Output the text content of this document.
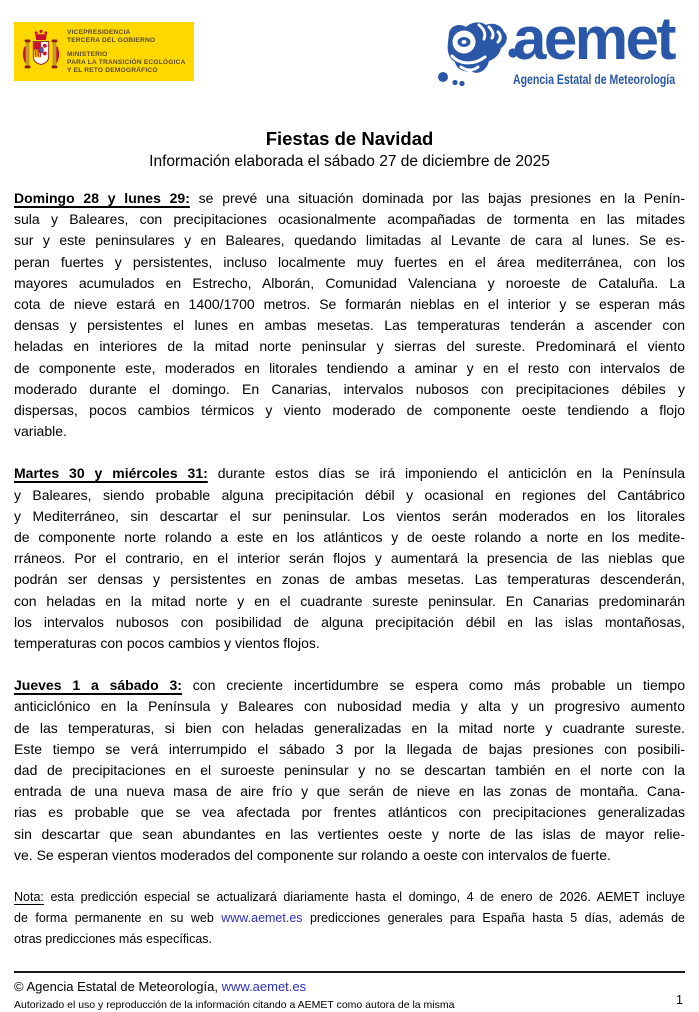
VICEPRESIDENCIA
TERCERA DEL GOBIERNO
MINISTERIO
PARA LA TRANSICIÓN ECOLÓGICA
Y EL RETO DEMOGRÁFICO	aemet
Agencia Estatal de Meteorología
Fiestas de Navidad
Información elaborada el sábado 27 de diciembre de 2025
Domingo 28 y lunes 29: se prevé una situación dominada por las bajas presiones en la Penín-
sula y Baleares, con precipitaciones ocasionalmente acompañadas de tormenta en las mitades
sur y este peninsulares y en Baleares, quedando limitadas al Levante de cara al lunes. Se es-
peran fuertes y persistentes, incluso localmente muy fuertes en el área mediterránea, con los
mayores acumulados en Estrecho, Alborán, Comunidad Valenciana y noroeste de Cataluña. La
cota de nieve estará en 1400/1700 metros. Se formarán nieblas en el interior y se esperan más
densas y persistentes el lunes en ambas mesetas. Las temperaturas tenderán a ascender con
heladas en interiores de la mitad norte peninsular y sierras del sureste. Predominará el viento
de componente este, moderados en litorales tendiendo a aminar y en el resto con intervalos de
moderado durante el domingo. En Canarias, intervalos nubosos con precipitaciones débiles y
dispersas, pocos cambios térmicos y viento moderado de componente oeste tendiendo a flojo
variable.
Martes 30 y miércoles 31: durante estos días se irá imponiendo el anticiclón en la Península
y Baleares, siendo probable alguna precipitación débil y ocasional en regiones del Cantábrico
y Mediterráneo, sin descartar el sur peninsular. Los vientos serán moderados en los litorales
de componente norte rolando a este en los atlánticos y de oeste rolando a norte en los medite-
rráneos. Por el contrario, en el interior serán flojos y aumentará la presencia de las nieblas que
podrán ser densas y persistentes en zonas de ambas mesetas. Las temperaturas descenderán,
con heladas en la mitad norte y en el cuadrante sureste peninsular. En Canarias predominarán
los intervalos nubosos con posibilidad de alguna precipitación débil en las islas montañosas,
temperaturas con pocos cambios y vientos flojos.
Jueves 1 a sábado 3: con creciente incertidumbre se espera como más probable un tiempo
anticiclónico en la Península y Baleares con nubosidad media y alta y un progresivo aumento
de las temperaturas, si bien con heladas generalizadas en la mitad norte y cuadrante sureste.
Este tiempo se verá interrumpido el sábado 3 por la llegada de bajas presiones con posibili-
dad de precipitaciones en el suroeste peninsular y no se descartan también en el norte con la
entrada de una nueva masa de aire frío y que serán de nieve en las zonas de montaña. Cana-
rias es probable que se vea afectada por frentes atlánticos con precipitaciones generalizadas
sin descartar que sean abundantes en las vertientes oeste y norte de las islas de mayor relie-
ve. Se esperan vientos moderados del componente sur rolando a oeste con intervalos de fuerte.
Nota: esta predicción especial se actualizará diariamente hasta el domingo, 4 de enero de 2026. AEMET incluye
de forma permanente en su web www.aemet.es predicciones generales para España hasta 5 días, además de
otras predicciones más específicas.
© Agencia Estatal de Meteorología, www.aemet.es
Autorizado el uso y reproducción de la información citando a AEMET como autora de la misma	1
